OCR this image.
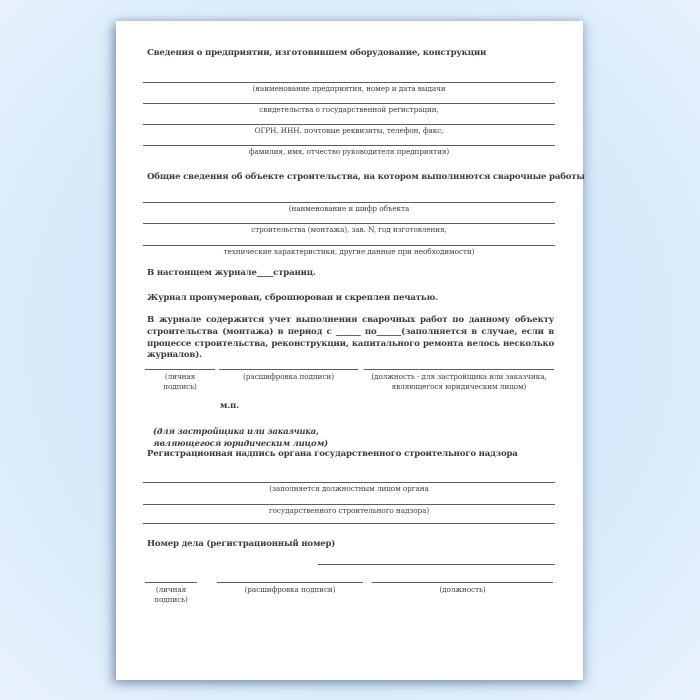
Сведения о предприятии, изготовившем оборудование, конструкции
(наименование предприятия, номер и дата выдачи
свидетельства о государственной регистрации,
ОГРН, ИНН, почтовые реквизиты, телефон, факс,
фамилия, имя, отчество руководителя предприятия)
Общие сведения об объекте строительства, на котором выполняются сварочные работы
(наименование и шифр объекта
строительства (монтажа), зав. N, год изготовления,
технические характеристики, другие данные при необходимости)
В настоящем журнале____страниц.
Журнал пронумерован, сброшюрован и скреплен печатью.
В журнале содержится учет выполнения сварочных работ по данному объекту строительства (монтажа) в период с ______ по______(заполняется в случае, если в процессе строительства, реконструкции, капитального ремонта велось несколько журналов).
(личная подпись)
(расшифровка подписи)	(должность - для застройщика или заказчика, являющегося юридическим лицом)
м.п.
(для застройщика или заказчика,
являющегося юридическим лицом)
Регистрационная надпись органа государственного строительного надзора
(заполняется должностным лицом органа
государственного строительного надзора)
Номер дела (регистрационный номер)
(личная подпись)
(расшифровка подписи)	(должность)
